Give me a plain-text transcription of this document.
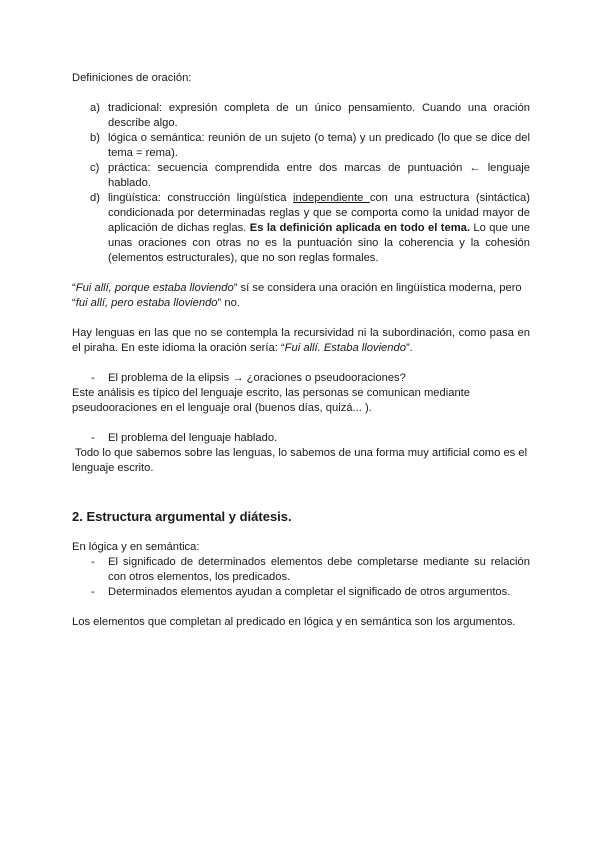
Definiciones de oración:

a) tradicional: expresión completa de un único pensamiento. Cuando una oración describe algo.
b) lógica o semántica: reunión de un sujeto (o tema) y un predicado (lo que se dice del tema = rema).
c) práctica: secuencia comprendida entre dos marcas de puntuación ← lenguaje hablado.
d) lingüística: construcción lingüística independiente con una estructura (sintáctica) condicionada por determinadas reglas y que se comporta como la unidad mayor de aplicación de dichas reglas. Es la definición aplicada en todo el tema. Lo que une unas oraciones con otras no es la puntuación sino la coherencia y la cohesión (elementos estructurales), que no son reglas formales.

“Fui allí, porque estaba lloviendo” sí se considera una oración en lingüística moderna, pero
“fui allí, pero estaba lloviendo” no.

Hay lenguas en las que no se contempla la recursividad ni la subordinación, como pasa en el piraha. En este idioma la oración sería: “Fui allí. Estaba lloviendo”.

- El problema de la elipsis → ¿oraciones o pseudooraciones?

Este análisis es típico del lenguaje escrito, las personas se comunican mediante pseudooraciones en el lenguaje oral (buenos días, quizá... ).

- El problema del lenguaje hablado.

Todo lo que sabemos sobre las lenguas, lo sabemos de una forma muy artificial como es el lenguaje escrito.

2. Estructura argumental y diátesis.

En lógica y en semántica:

- El significado de determinados elementos debe completarse mediante su relación con otros elementos, los predicados.
- Determinados elementos ayudan a completar el significado de otros argumentos.

Los elementos que completan al predicado en lógica y en semántica son los argumentos.
